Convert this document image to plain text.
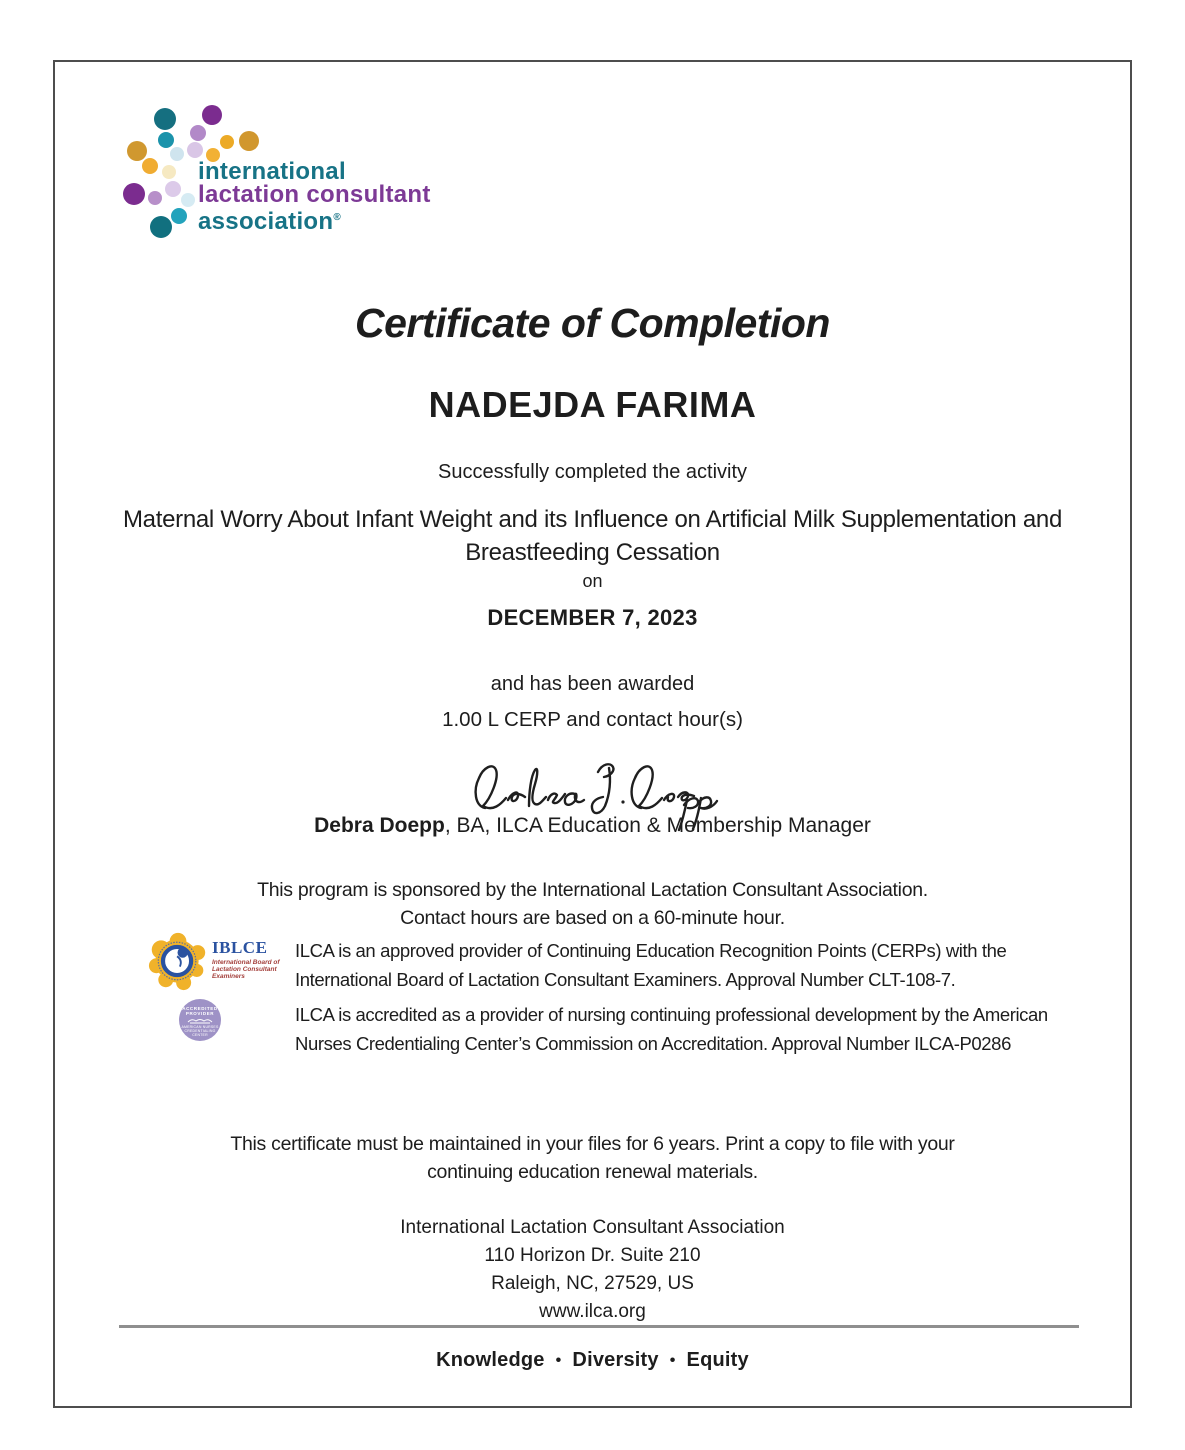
international
lactation consultant
association®
Certificate of Completion
NADEJDA FARIMA
Successfully completed the activity
Maternal Worry About Infant Weight and its Influence on Artificial Milk Supplementation and Breastfeeding Cessation
on
DECEMBER 7, 2023
and has been awarded
1.00 L CERP and contact hour(s)
Debra Doepp, BA, ILCA Education & Membership Manager
This program is sponsored by the International Lactation Consultant Association.
Contact hours are based on a 60-minute hour.
IBLCE
International Board of Lactation Consultant Examiners
ILCA is an approved provider of Continuing Education Recognition Points (CERPs) with the
International Board of Lactation Consultant Examiners. Approval Number CLT-108-7.
ACCREDITED
PROVIDER
AMERICAN NURSES
CREDENTIALING CENTER
ILCA is accredited as a provider of nursing continuing professional development by the American
Nurses Credentialing Center’s Commission on Accreditation. Approval Number ILCA-P0286
This certificate must be maintained in your files for 6 years. Print a copy to file with your
continuing education renewal materials.
International Lactation Consultant Association
110 Horizon Dr. Suite 210
Raleigh, NC, 27529, US
www.ilca.org
Knowledge • Diversity • Equity
